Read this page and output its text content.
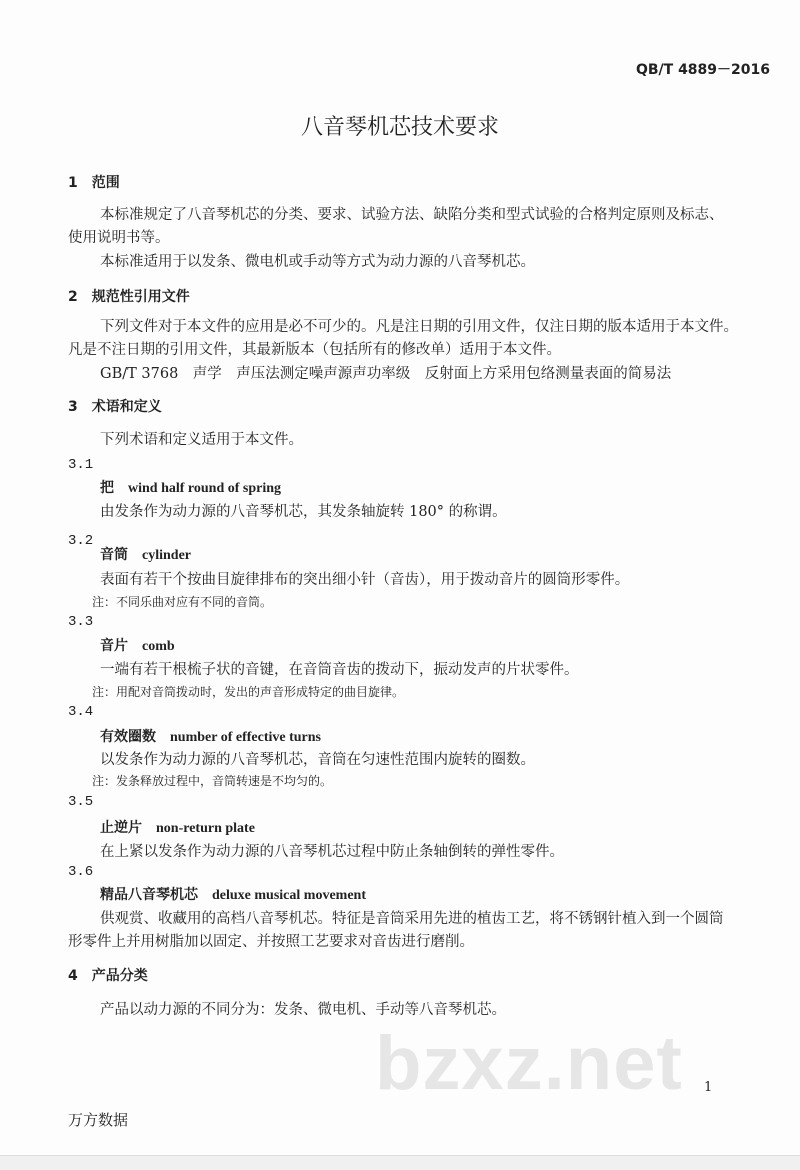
QB/T 4889－2016
八音琴机芯技术要求
1　范围
本标准规定了八音琴机芯的分类、要求、试验方法、缺陷分类和型式试验的合格判定原则及标志、
使用说明书等。
本标准适用于以发条、微电机或手动等方式为动力源的八音琴机芯。
2　规范性引用文件
下列文件对于本文件的应用是必不可少的。凡是注日期的引用文件，仅注日期的版本适用于本文件。
凡是不注日期的引用文件，其最新版本（包括所有的修改单）适用于本文件。
GB/T 3768　声学　声压法测定噪声源声功率级　反射面上方采用包络测量表面的简易法
3　术语和定义
下列术语和定义适用于本文件。
3.1
把 wind half round of spring
由发条作为动力源的八音琴机芯，其发条轴旋转 180° 的称谓。
3.2
音筒 cylinder
表面有若干个按曲目旋律排布的突出细小针（音齿），用于拨动音片的圆筒形零件。
注：不同乐曲对应有不同的音筒。
3.3
音片 comb
一端有若干根梳子状的音键，在音筒音齿的拨动下，振动发声的片状零件。
注：用配对音筒拨动时，发出的声音形成特定的曲目旋律。
3.4
有效圈数 number of effective turns
以发条作为动力源的八音琴机芯，音筒在匀速性范围内旋转的圈数。
注：发条释放过程中，音筒转速是不均匀的。
3.5
止逆片 non-return plate
在上紧以发条作为动力源的八音琴机芯过程中防止条轴倒转的弹性零件。
3.6
精品八音琴机芯 deluxe musical movement
供观赏、收藏用的高档八音琴机芯。特征是音筒采用先进的植齿工艺，将不锈钢针植入到一个圆筒
形零件上并用树脂加以固定、并按照工艺要求对音齿进行磨削。
4　产品分类
产品以动力源的不同分为：发条、微电机、手动等八音琴机芯。
bzxz.net 1
万方数据
